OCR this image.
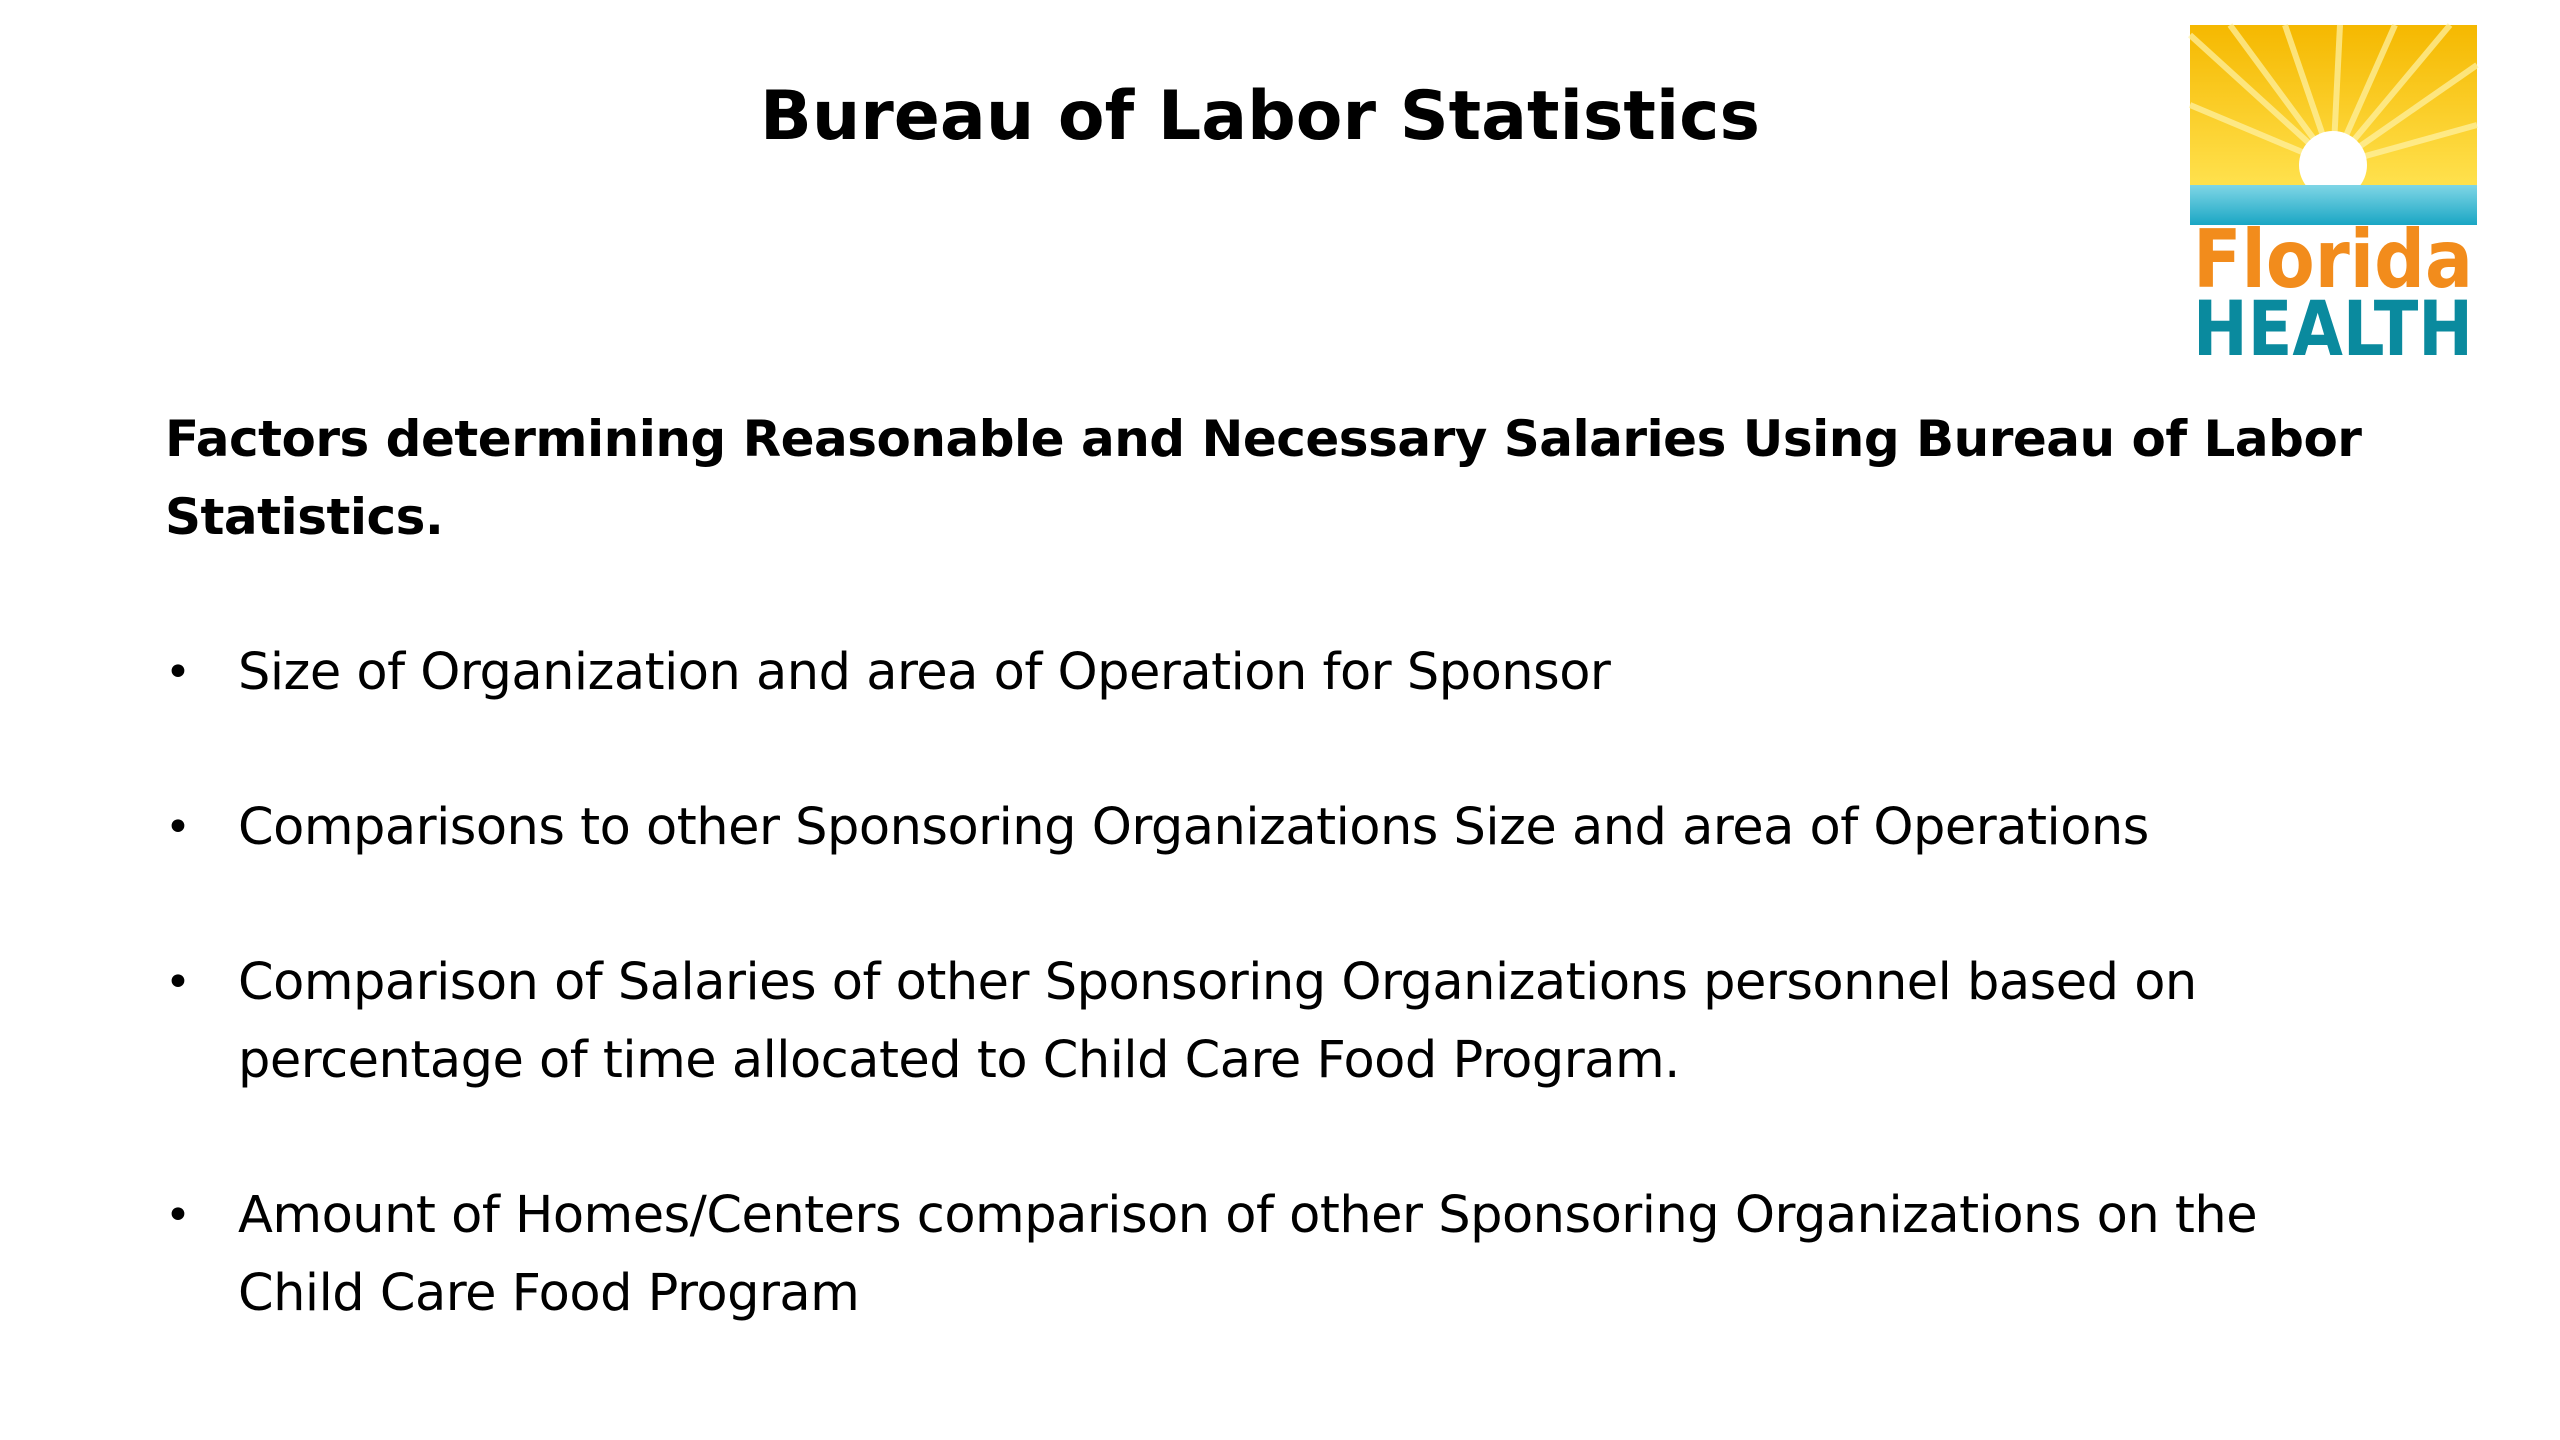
Bureau of Labor Statistics
Florida
HEALTH
Factors determining Reasonable and Necessary Salaries Using Bureau of Labor Statistics.
• Size of Organization and area of Operation for Sponsor
• Comparisons to other Sponsoring Organizations Size and area of Operations
• Comparison of Salaries of other Sponsoring Organizations personnel based on percentage of time allocated to Child Care Food Program.
• Amount of Homes/Centers comparison of other Sponsoring Organizations on the Child Care Food Program
